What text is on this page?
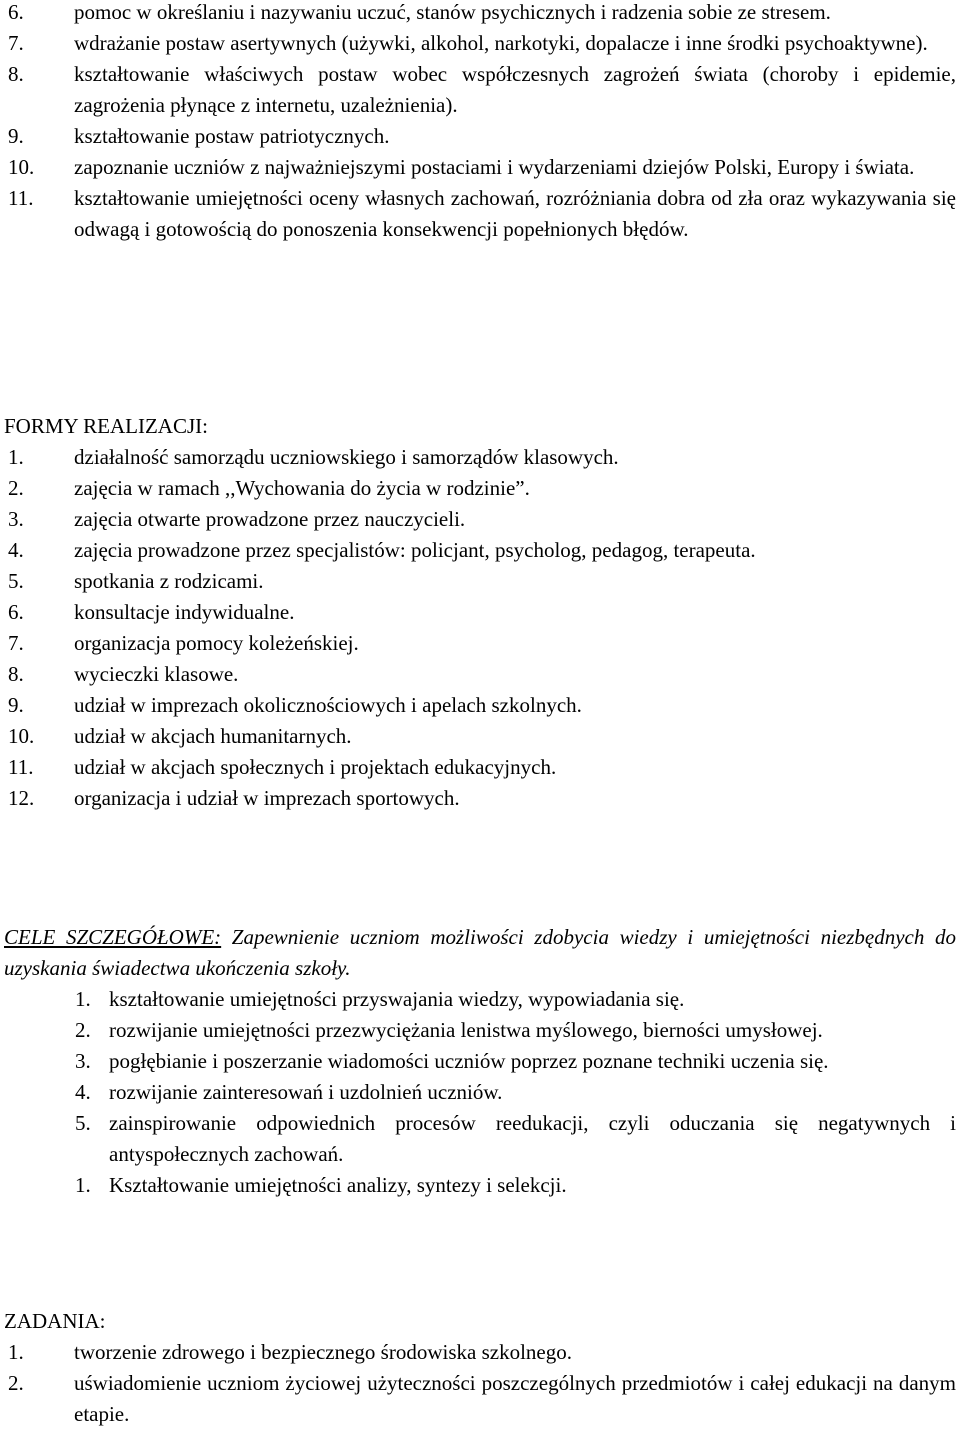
6. pomoc w określaniu i nazywaniu uczuć, stanów psychicznych i radzenia sobie ze stresem.
7. wdrażanie postaw asertywnych (używki, alkohol, narkotyki, dopalacze i inne środki psychoaktywne).
8. kształtowanie właściwych postaw wobec współczesnych zagrożeń świata (choroby i epidemie, zagrożenia płynące z internetu, uzależnienia).
9. kształtowanie postaw patriotycznych.
10. zapoznanie uczniów z najważniejszymi postaciami i wydarzeniami dziejów Polski, Europy i świata.
11. kształtowanie umiejętności oceny własnych zachowań, rozróżniania dobra od zła oraz wykazywania się odwagą i gotowością do ponoszenia konsekwencji popełnionych błędów.
FORMY REALIZACJI:
1. działalność samorządu uczniowskiego i samorządów klasowych.
2. zajęcia w ramach ,,Wychowania do życia w rodzinie”.
3. zajęcia otwarte prowadzone przez nauczycieli.
4. zajęcia prowadzone przez specjalistów: policjant, psycholog, pedagog, terapeuta.
5. spotkania z rodzicami.
6. konsultacje indywidualne.
7. organizacja pomocy koleżeńskiej.
8. wycieczki klasowe.
9. udział w imprezach okolicznościowych i apelach szkolnych.
10. udział w akcjach humanitarnych.
11. udział w akcjach społecznych i projektach edukacyjnych.
12. organizacja i udział w imprezach sportowych.
CELE SZCZEGÓŁOWE: Zapewnienie uczniom możliwości zdobycia wiedzy i umiejętności niezbędnych do uzyskania świadectwa ukończenia szkoły.
1. kształtowanie umiejętności przyswajania wiedzy, wypowiadania się.
2. rozwijanie umiejętności przezwyciężania lenistwa myślowego, bierności umysłowej.
3. pogłębianie i poszerzanie wiadomości uczniów poprzez poznane techniki uczenia się.
4. rozwijanie zainteresowań i uzdolnień uczniów.
5. zainspirowanie odpowiednich procesów reedukacji, czyli oduczania się negatywnych i antyspołecznych zachowań.
1. Kształtowanie umiejętności analizy, syntezy i selekcji.
ZADANIA:
1. tworzenie zdrowego i bezpiecznego środowiska szkolnego.
2. uświadomienie uczniom życiowej użyteczności poszczególnych przedmiotów i całej edukacji na danym etapie.
